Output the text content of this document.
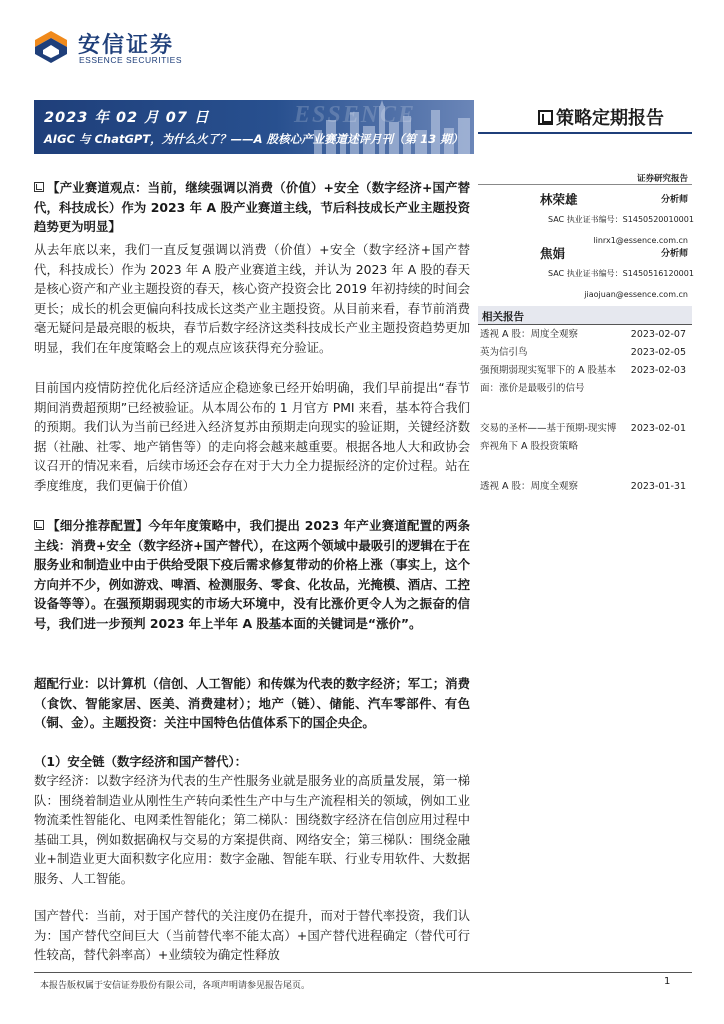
安信证券
ESSENCE SECURITIES
ESSENCE
2023 年 02 月 07 日
AIGC 与 ChatGPT，为什么火了？——A 股核心产业赛道述评月刊（第 13 期）
策略定期报告
证券研究报告
林荣雄	分析师
SAC 执业证书编号：S1450520010001
linrx1@essence.com.cn
焦娟	分析师
SAC 执业证书编号：S1450516120001
jiaojuan@essence.com.cn
相关报告
透视 A 股：周度全观察	2023-02-07
英为信引鸟	2023-02-05
强预期弱现实冤罪下的 A 股基本面：涨价是最吸引的信号
2023-02-03
交易的圣杯——基于预期-现实博弈视角下 A 股投资策略
2023-02-01
透视 A 股：周度全观察	2023-01-31
【产业赛道观点：当前，继续强调以消费（价值）+安全（数字经济+国产替代，科技成长）作为 2023 年 A 股产业赛道主线，节后科技成长产业主题投资趋势更为明显】
从去年底以来，我们一直反复强调以消费（价值）+安全（数字经济+国产替代，科技成长）作为 2023 年 A 股产业赛道主线，并认为 2023 年 A 股的春天是核心资产和产业主题投资的春天，核心资产投资会比 2019 年初持续的时间会更长；成长的机会更偏向科技成长这类产业主题投资。从目前来看，春节前消费毫无疑问是最亮眼的板块，春节后数字经济这类科技成长产业主题投资趋势更加明显，我们在年度策略会上的观点应该获得充分验证。
目前国内疫情防控优化后经济适应企稳迹象已经开始明确，我们早前提出“春节期间消费超预期”已经被验证。从本周公布的 1 月官方 PMI 来看，基本符合我们的预期。我们认为当前已经进入经济复苏由预期走向现实的验证期，关键经济数据（社融、社零、地产销售等）的走向将会越来越重要。根据各地人大和政协会议召开的情况来看，后续市场还会存在对于大力全力提振经济的定价过程。站在季度维度，我们更偏于价值）
【细分推荐配置】今年年度策略中，我们提出 2023 年产业赛道配置的两条主线：消费+安全（数字经济+国产替代），在这两个领域中最吸引的逻辑在于在服务业和制造业中由于供给受限下疫后需求修复带动的价格上涨（事实上，这个方向并不少，例如游戏、啤酒、检测服务、零食、化妆品，光掩模、酒店、工控设备等等）。在强预期弱现实的市场大环境中，没有比涨价更令人为之振奋的信号，我们进一步预判 2023 年上半年 A 股基本面的关键词是“涨价”。
超配行业：以计算机（信创、人工智能）和传媒为代表的数字经济；军工；消费（食饮、智能家居、医美、消费建材）；地产（链）、储能、汽车零部件、有色（铜、金）。主题投资：关注中国特色估值体系下的国企央企。
（1）安全链（数字经济和国产替代）：
数字经济：以数字经济为代表的生产性服务业就是服务业的高质量发展，第一梯队：围绕着制造业从刚性生产转向柔性生产中与生产流程相关的领域，例如工业物流柔性智能化、电网柔性智能化；第二梯队：围绕数字经济在信创应用过程中基础工具，例如数据确权与交易的方案提供商、网络安全；第三梯队：围绕金融业+制造业更大面积数字化应用：数字金融、智能车联、行业专用软件、大数据服务、人工智能。
国产替代：当前，对于国产替代的关注度仍在提升，而对于替代率投资，我们认为：国产替代空间巨大（当前替代率不能太高）+国产替代进程确定（替代可行性较高，替代斜率高）+业绩较为确定性释放
本报告版权属于安信证券股份有限公司，各项声明请参见报告尾页。	1
